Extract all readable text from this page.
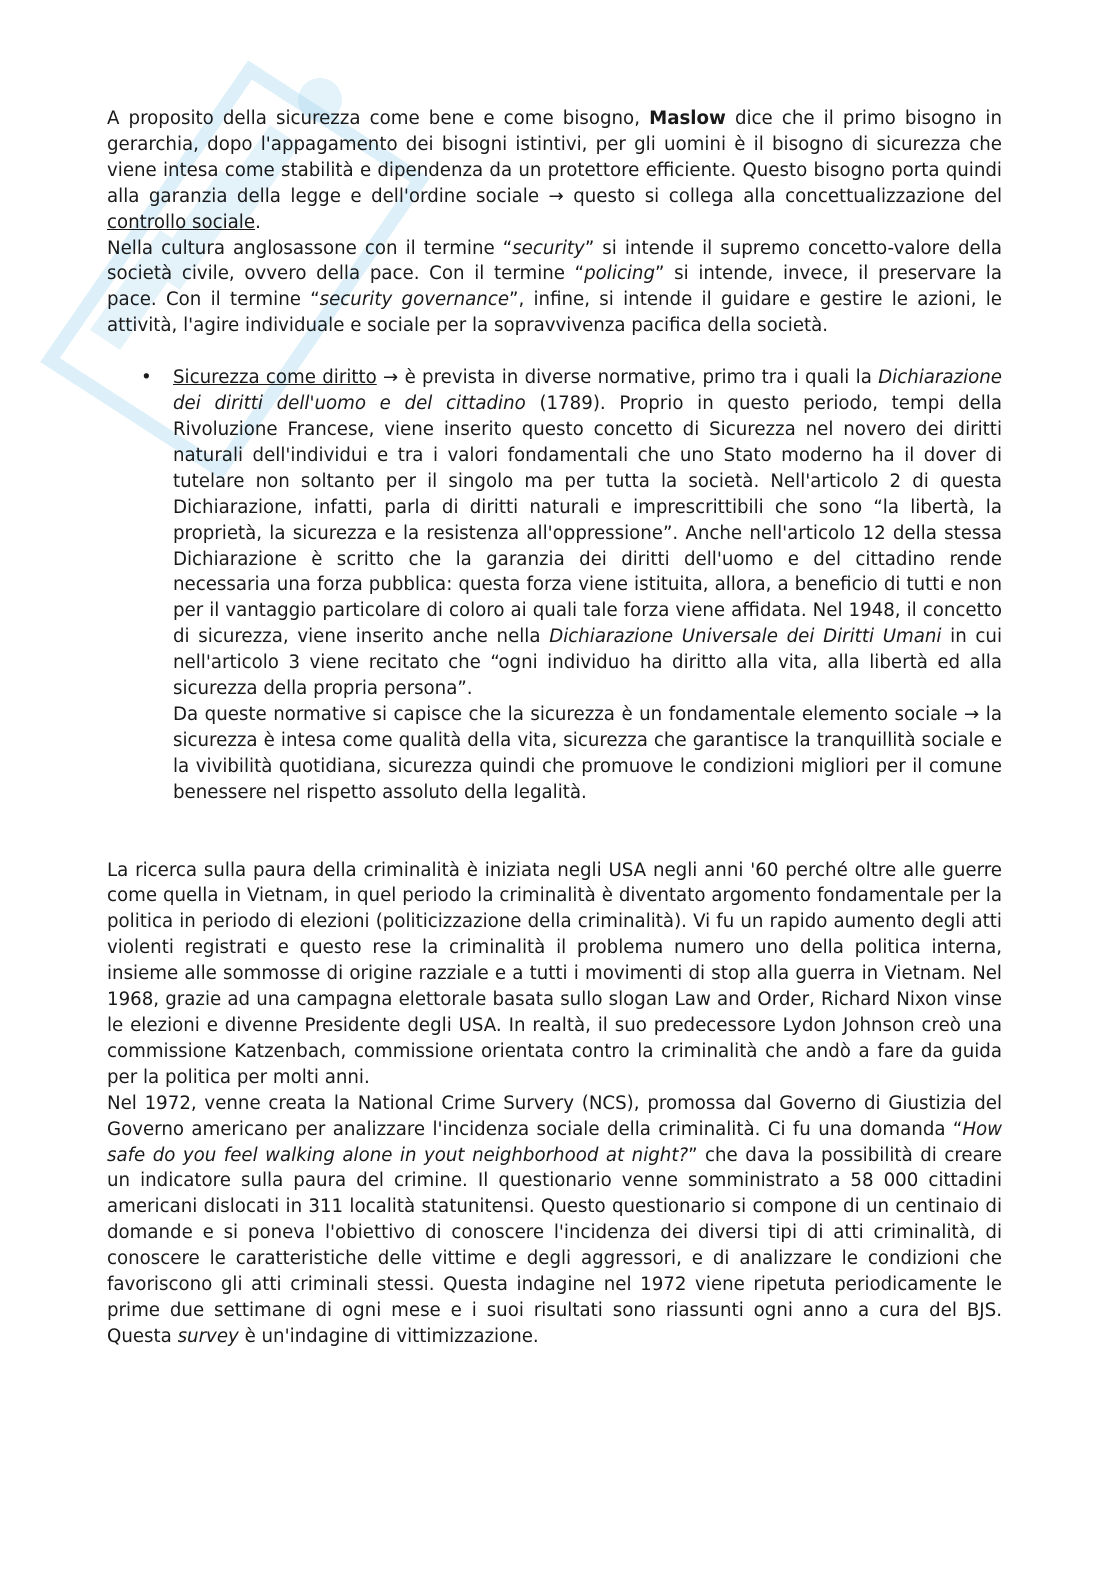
A proposito della sicurezza come bene e come bisogno, Maslow dice che il primo bisogno in gerarchia, dopo l'appagamento dei bisogni istintivi, per gli uomini è il bisogno di sicurezza che viene intesa come stabilità e dipendenza da un protettore efficiente. Questo bisogno porta quindi alla garanzia della legge e dell'ordine sociale → questo si collega alla concettualizzazione del controllo sociale.

Nella cultura anglosassone con il termine “security” si intende il supremo concetto-valore della società civile, ovvero della pace. Con il termine “policing” si intende, invece, il preservare la pace. Con il termine “security governance”, infine, si intende il guidare e gestire le azioni, le attività, l'agire individuale e sociale per la sopravvivenza pacifica della società.

• Sicurezza come diritto → è prevista in diverse normative, primo tra i quali la Dichiarazione dei diritti dell'uomo e del cittadino (1789). Proprio in questo periodo, tempi della Rivoluzione Francese, viene inserito questo concetto di Sicurezza nel novero dei diritti naturali dell'individui e tra i valori fondamentali che uno Stato moderno ha il dover di tutelare non soltanto per il singolo ma per tutta la società. Nell'articolo 2 di questa Dichiarazione, infatti, parla di diritti naturali e imprescrittibili che sono “la libertà, la proprietà, la sicurezza e la resistenza all'oppressione”. Anche nell'articolo 12 della stessa Dichiarazione è scritto che la garanzia dei diritti dell'uomo e del cittadino rende necessaria una forza pubblica: questa forza viene istituita, allora, a beneficio di tutti e non per il vantaggio particolare di coloro ai quali tale forza viene affidata. Nel 1948, il concetto di sicurezza, viene inserito anche nella Dichiarazione Universale dei Diritti Umani in cui nell'articolo 3 viene recitato che “ogni individuo ha diritto alla vita, alla libertà ed alla sicurezza della propria persona”.

Da queste normative si capisce che la sicurezza è un fondamentale elemento sociale → la sicurezza è intesa come qualità della vita, sicurezza che garantisce la tranquillità sociale e la vivibilità quotidiana, sicurezza quindi che promuove le condizioni migliori per il comune benessere nel rispetto assoluto della legalità.

La ricerca sulla paura della criminalità è iniziata negli USA negli anni '60 perché oltre alle guerre come quella in Vietnam, in quel periodo la criminalità è diventato argomento fondamentale per la politica in periodo di elezioni (politicizzazione della criminalità). Vi fu un rapido aumento degli atti violenti registrati e questo rese la criminalità il problema numero uno della politica interna, insieme alle sommosse di origine razziale e a tutti i movimenti di stop alla guerra in Vietnam. Nel 1968, grazie ad una campagna elettorale basata sullo slogan Law and Order, Richard Nixon vinse le elezioni e divenne Presidente degli USA. In realtà, il suo predecessore Lydon Johnson creò una commissione Katzenbach, commissione orientata contro la criminalità che andò a fare da guida per la politica per molti anni.

Nel 1972, venne creata la National Crime Survery (NCS), promossa dal Governo di Giustizia del Governo americano per analizzare l'incidenza sociale della criminalità. Ci fu una domanda “How safe do you feel walking alone in yout neighborhood at night?” che dava la possibilità di creare un indicatore sulla paura del crimine. Il questionario venne somministrato a 58 000 cittadini americani dislocati in 311 località statunitensi. Questo questionario si compone di un centinaio di domande e si poneva l'obiettivo di conoscere l'incidenza dei diversi tipi di atti criminalità, di conoscere le caratteristiche delle vittime e degli aggressori, e di analizzare le condizioni che favoriscono gli atti criminali stessi. Questa indagine nel 1972 viene ripetuta periodicamente le prime due settimane di ogni mese e i suoi risultati sono riassunti ogni anno a cura del BJS. Questa survey è un'indagine di vittimizzazione.
